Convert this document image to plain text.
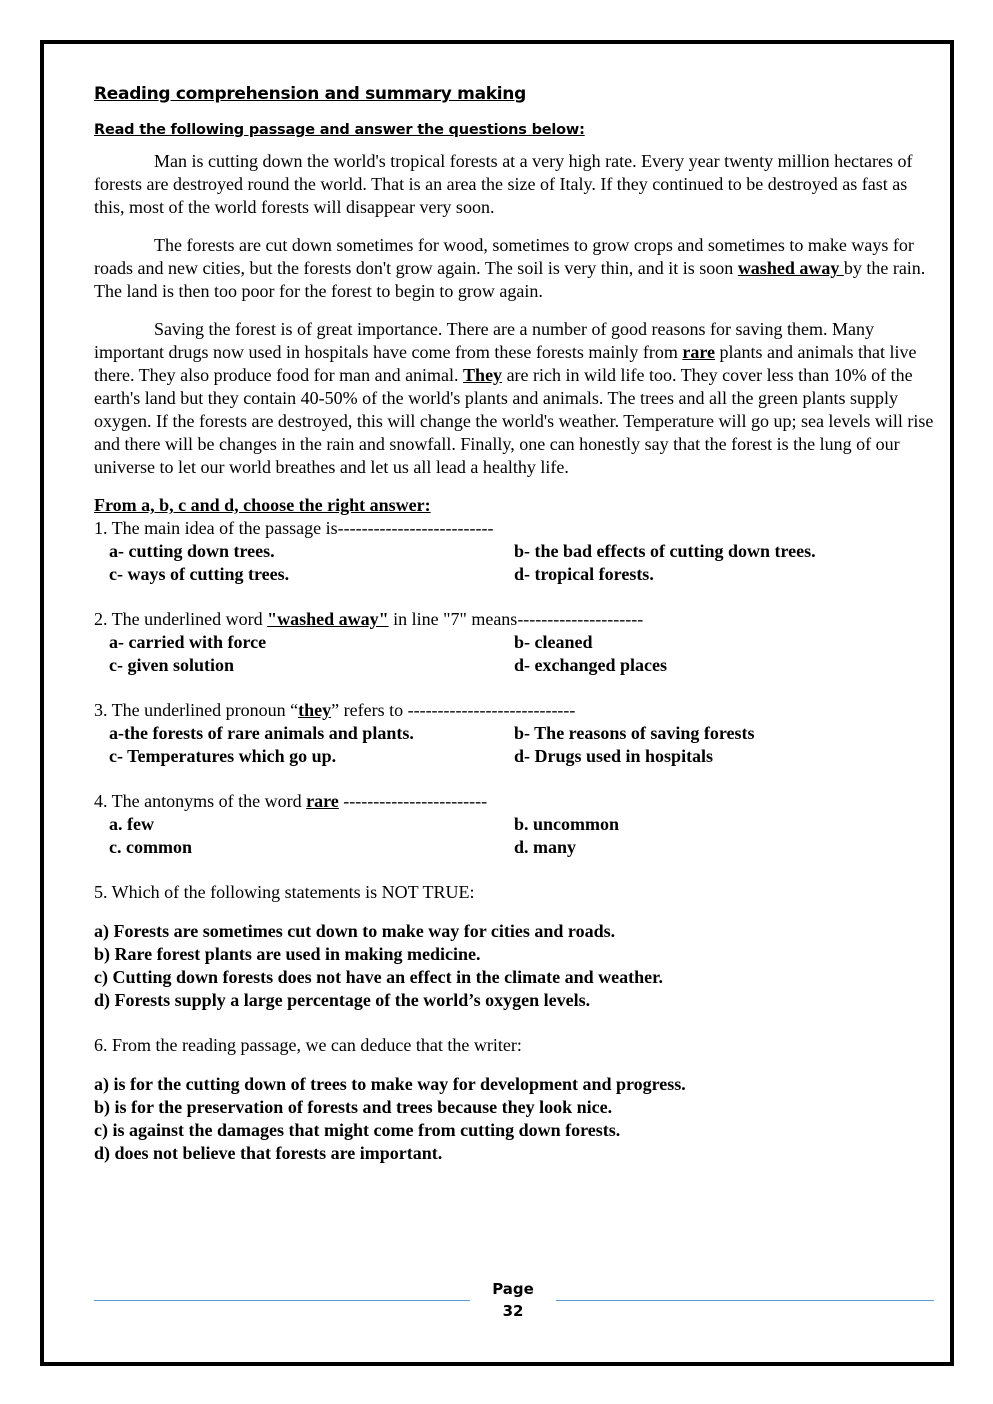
Reading comprehension and summary making
Read the following passage and answer the questions below:

Man is cutting down the world's tropical forests at a very high rate. Every year twenty million hectares of forests are destroyed round the world. That is an area the size of Italy. If they continued to be destroyed as fast as this, most of the world forests will disappear very soon.

The forests are cut down sometimes for wood, sometimes to grow crops and sometimes to make ways for roads and new cities, but the forests don't grow again. The soil is very thin, and it is soon washed away by the rain. The land is then too poor for the forest to begin to grow again.

Saving the forest is of great importance. There are a number of good reasons for saving them. Many important drugs now used in hospitals have come from these forests mainly from rare plants and animals that live there. They also produce food for man and animal. They are rich in wild life too. They cover less than 10% of the earth's land but they contain 40-50% of the world's plants and animals. The trees and all the green plants supply oxygen. If the forests are destroyed, this will change the world's weather. Temperature will go up; sea levels will rise and there will be changes in the rain and snowfall. Finally, one can honestly say that the forest is the lung of our universe to let our world breathes and let us all lead a healthy life.

From a, b, c and d, choose the right answer:

1. The main idea of the passage is--------------------------

a- cutting down trees.	b- the bad effects of cutting down trees.
c- ways of cutting trees.	d- tropical forests.

2. The underlined word "washed away" in line "7" means---------------------

a- carried with force	b- cleaned
c- given solution	d- exchanged places

3. The underlined pronoun “they” refers to ----------------------------

a-the forests of rare animals and plants.	b- The reasons of saving forests
c- Temperatures which go up.	d- Drugs used in hospitals

4. The antonyms of the word rare ------------------------

a. few	b. uncommon
c. common	d. many

5. Which of the following statements is NOT TRUE:

a) Forests are sometimes cut down to make way for cities and roads.

b) Rare forest plants are used in making medicine.

c) Cutting down forests does not have an effect in the climate and weather.

d) Forests supply a large percentage of the world’s oxygen levels.

6. From the reading passage, we can deduce that the writer:

a) is for the cutting down of trees to make way for development and progress.

b) is for the preservation of forests and trees because they look nice.

c) is against the damages that might come from cutting down forests.

d) does not believe that forests are important.

Page
32
